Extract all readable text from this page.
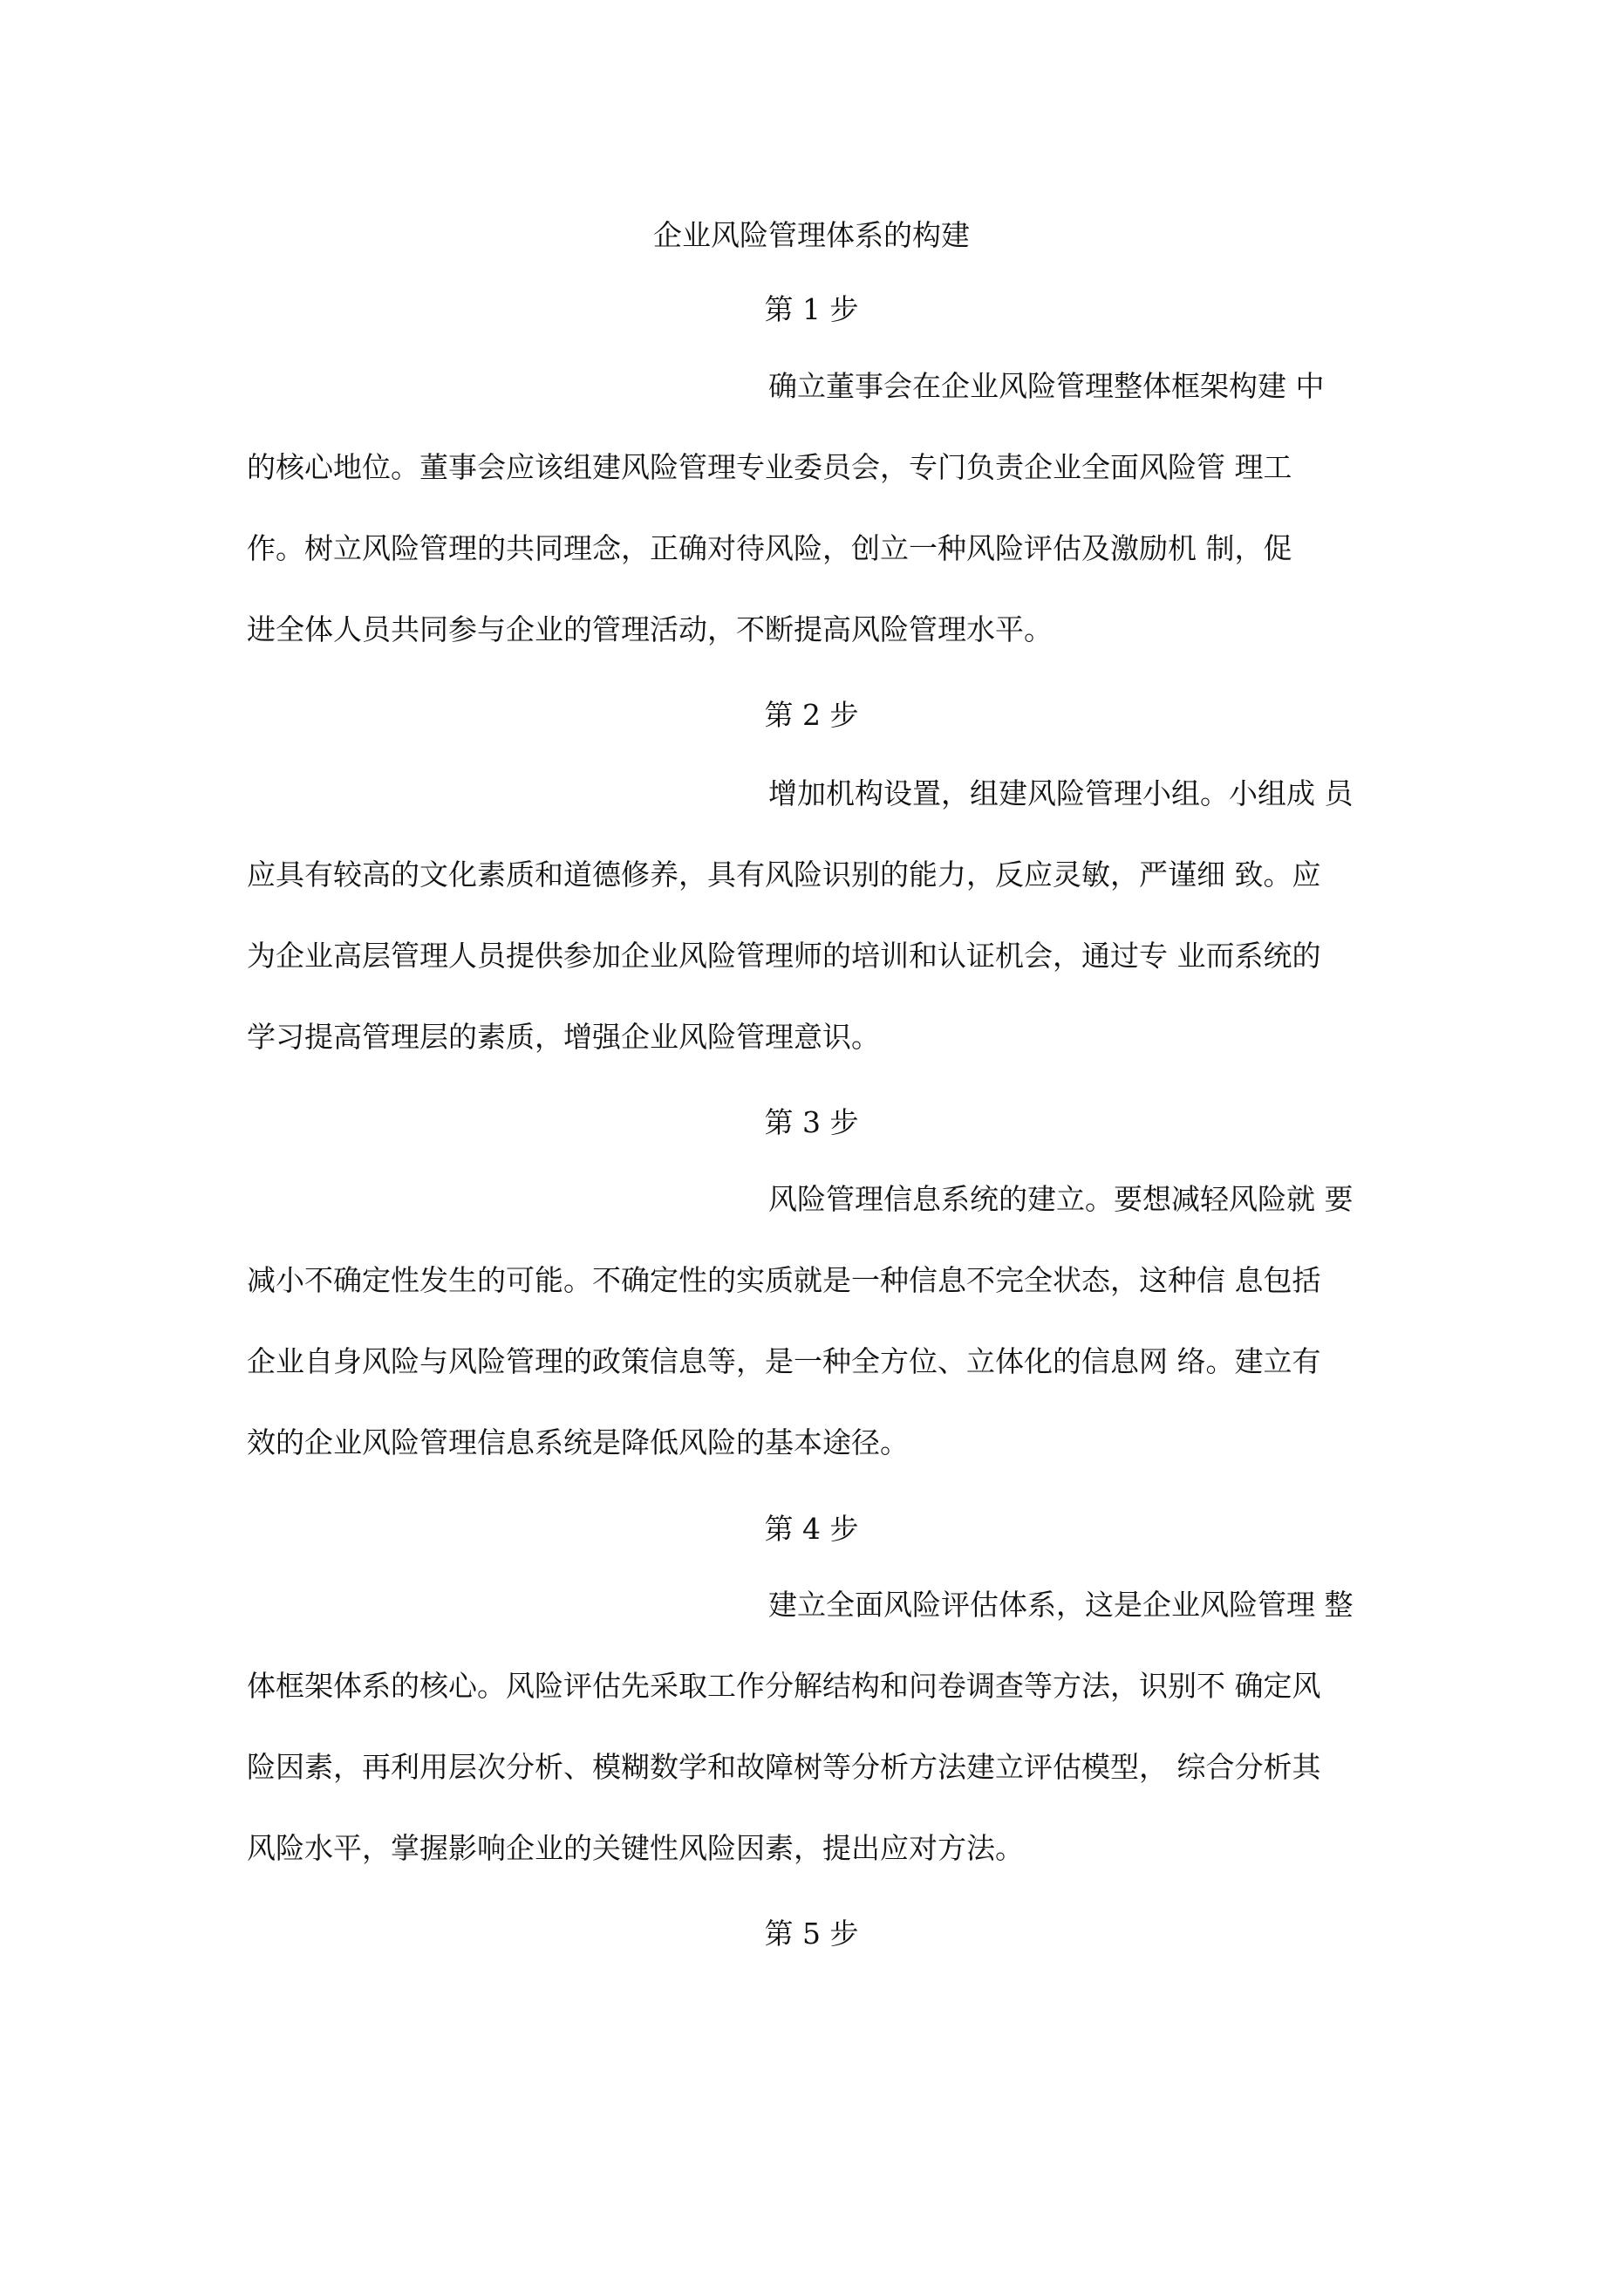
企业风险管理体系的构建
第 1 步
确立董事会在企业风险管理整体框架构建 中
的核心地位。董事会应该组建风险管理专业委员会，专门负责企业全面风险管 理工
作。树立风险管理的共同理念，正确对待风险，创立一种风险评估及激励机 制，促
进全体人员共同参与企业的管理活动，不断提高风险管理水平。
第 2 步
增加机构设置，组建风险管理小组。小组成 员
应具有较高的文化素质和道德修养，具有风险识别的能力，反应灵敏，严谨细 致。应
为企业高层管理人员提供参加企业风险管理师的培训和认证机会，通过专 业而系统的
学习提高管理层的素质，增强企业风险管理意识。
第 3 步
风险管理信息系统的建立。要想减轻风险就 要
减小不确定性发生的可能。不确定性的实质就是一种信息不完全状态，这种信 息包括
企业自身风险与风险管理的政策信息等，是一种全方位、立体化的信息网 络。建立有
效的企业风险管理信息系统是降低风险的基本途径。
第 4 步
建立全面风险评估体系，这是企业风险管理 整
体框架体系的核心。风险评估先采取工作分解结构和问卷调查等方法，识别不 确定风
险因素，再利用层次分析、模糊数学和故障树等分析方法建立评估模型， 综合分析其
风险水平，掌握影响企业的关键性风险因素，提出应对方法。
第 5 步
